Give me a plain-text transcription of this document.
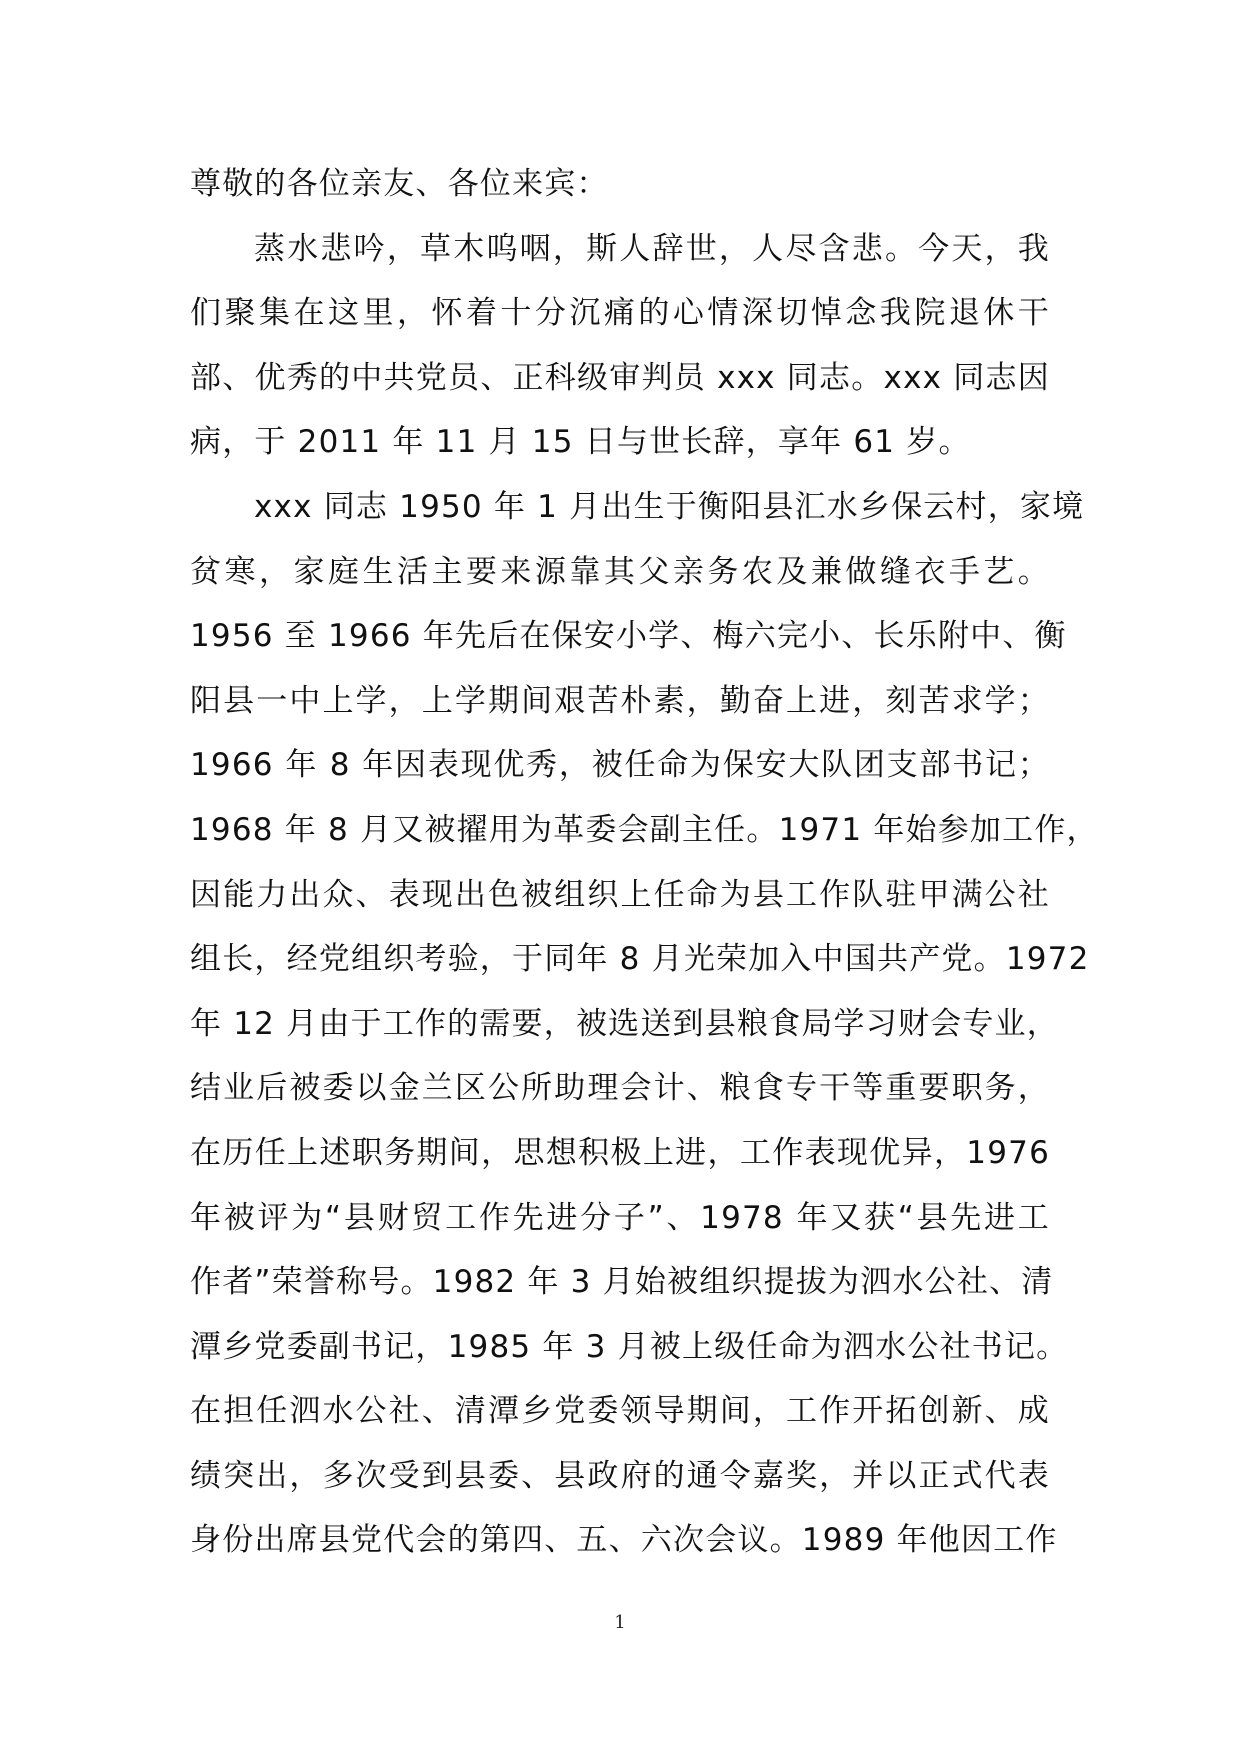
尊敬的各位亲友、各位来宾：
蒸水悲吟，草木呜咽，斯人辞世，人尽含悲。今天，我
们聚集在这里，怀着十分沉痛的心情深切悼念我院退休干
部、优秀的中共党员、正科级审判员 xxx 同志。xxx 同志因
病，于 2011 年 11 月 15 日与世长辞，享年 61 岁。
xxx 同志 1950 年 1 月出生于衡阳县汇水乡保云村，家境
贫寒，家庭生活主要来源靠其父亲务农及兼做缝衣手艺。
1956 至 1966 年先后在保安小学、梅六完小、长乐附中、衡
阳县一中上学，上学期间艰苦朴素，勤奋上进，刻苦求学；
1966 年 8 年因表现优秀，被任命为保安大队团支部书记；
1968 年 8 月又被擢用为革委会副主任。1971 年始参加工作，
因能力出众、表现出色被组织上任命为县工作队驻甲满公社
组长，经党组织考验，于同年 8 月光荣加入中国共产党。1972
年 12 月由于工作的需要，被选送到县粮食局学习财会专业，
结业后被委以金兰区公所助理会计、粮食专干等重要职务，
在历任上述职务期间，思想积极上进，工作表现优异，1976
年被评为“县财贸工作先进分子”、1978 年又获“县先进工
作者”荣誉称号。1982 年 3 月始被组织提拔为泗水公社、清
潭乡党委副书记，1985 年 3 月被上级任命为泗水公社书记。
在担任泗水公社、清潭乡党委领导期间，工作开拓创新、成
绩突出，多次受到县委、县政府的通令嘉奖，并以正式代表
身份出席县党代会的第四、五、六次会议。1989 年他因工作
1
